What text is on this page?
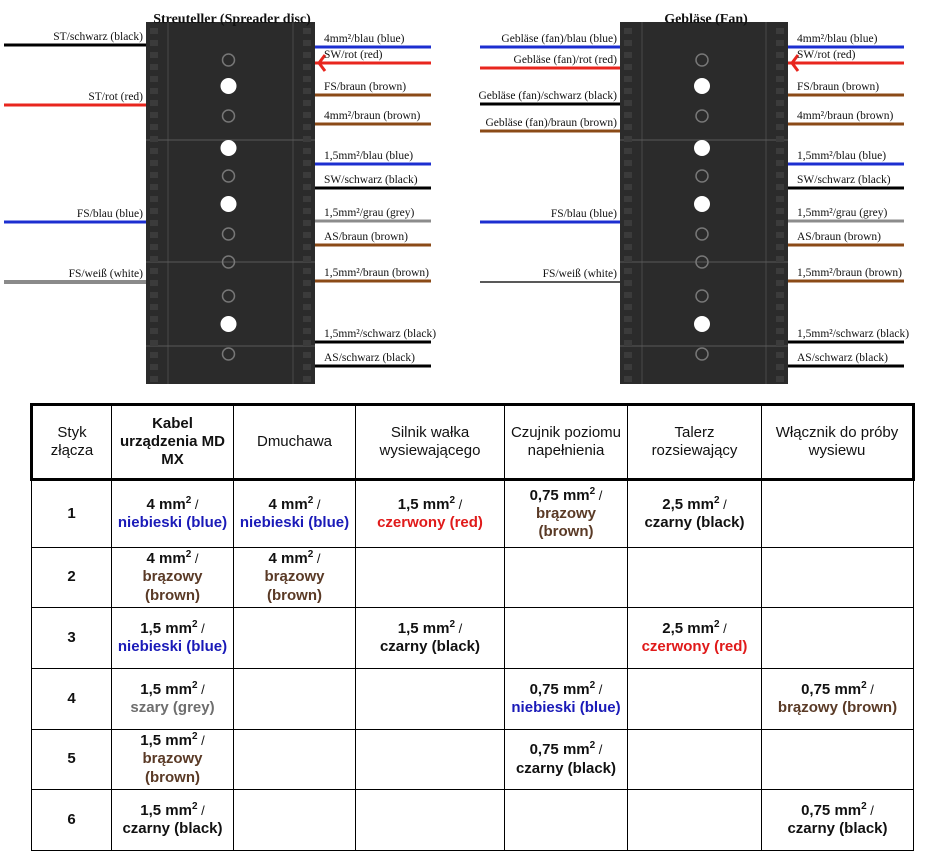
Streuteller (Spreader disc)
4mm²/blau (blue)
SW/rot (red)
FS/braun (brown)
4mm²/braun (brown)
1,5mm²/blau (blue)
SW/schwarz (black)
1,5mm²/grau (grey)
AS/braun (brown)
1,5mm²/braun (brown)
1,5mm²/schwarz (black)
AS/schwarz (black)
ST/schwarz (black)
ST/rot (red)
FS/blau (blue)
FS/weiß (white)
Gebläse (Fan)
4mm²/blau (blue)
SW/rot (red)
FS/braun (brown)
4mm²/braun (brown)
1,5mm²/blau (blue)
SW/schwarz (black)
1,5mm²/grau (grey)
AS/braun (brown)
1,5mm²/braun (brown)
1,5mm²/schwarz (black)
AS/schwarz (black)
Gebläse (fan)/blau (blue)
Gebläse (fan)/rot (red)
Gebläse (fan)/schwarz (black)
Gebläse (fan)/braun (brown)
FS/blau (blue)
FS/weiß (white)
Styk złącza	Kabel urządzenia MD MX	Dmuchawa	Silnik wałka wysiewającego	Czujnik poziomu napełnienia	Talerz rozsiewający	Włącznik do próby wysiewu
1	4 $mm^2$ /
niebieski (blue)	4 $mm^2$ /
niebieski (blue)	1,5 $mm^2$ /
czerwony (red)	0,75 $mm^2$ /
brązowy (brown)	2,5 $mm^2$ /
czarny (black)	
2	4 $mm^2$ /
brązowy (brown)	4 $mm^2$ /
brązowy (brown)				
3	1,5 $mm^2$ /
niebieski (blue)		1,5 $mm^2$ /
czarny (black)		2,5 $mm^2$ /
czerwony (red)	
4	1,5 $mm^2$ /
szary (grey)			0,75 $mm^2$ /
niebieski (blue)		0,75 $mm^2$ /
brązowy (brown)
5	1,5 $mm^2$ /
brązowy (brown)			0,75 $mm^2$ /
czarny (black)		
6	1,5 $mm^2$ /
czarny (black)					0,75 $mm^2$ /
czarny (black)
